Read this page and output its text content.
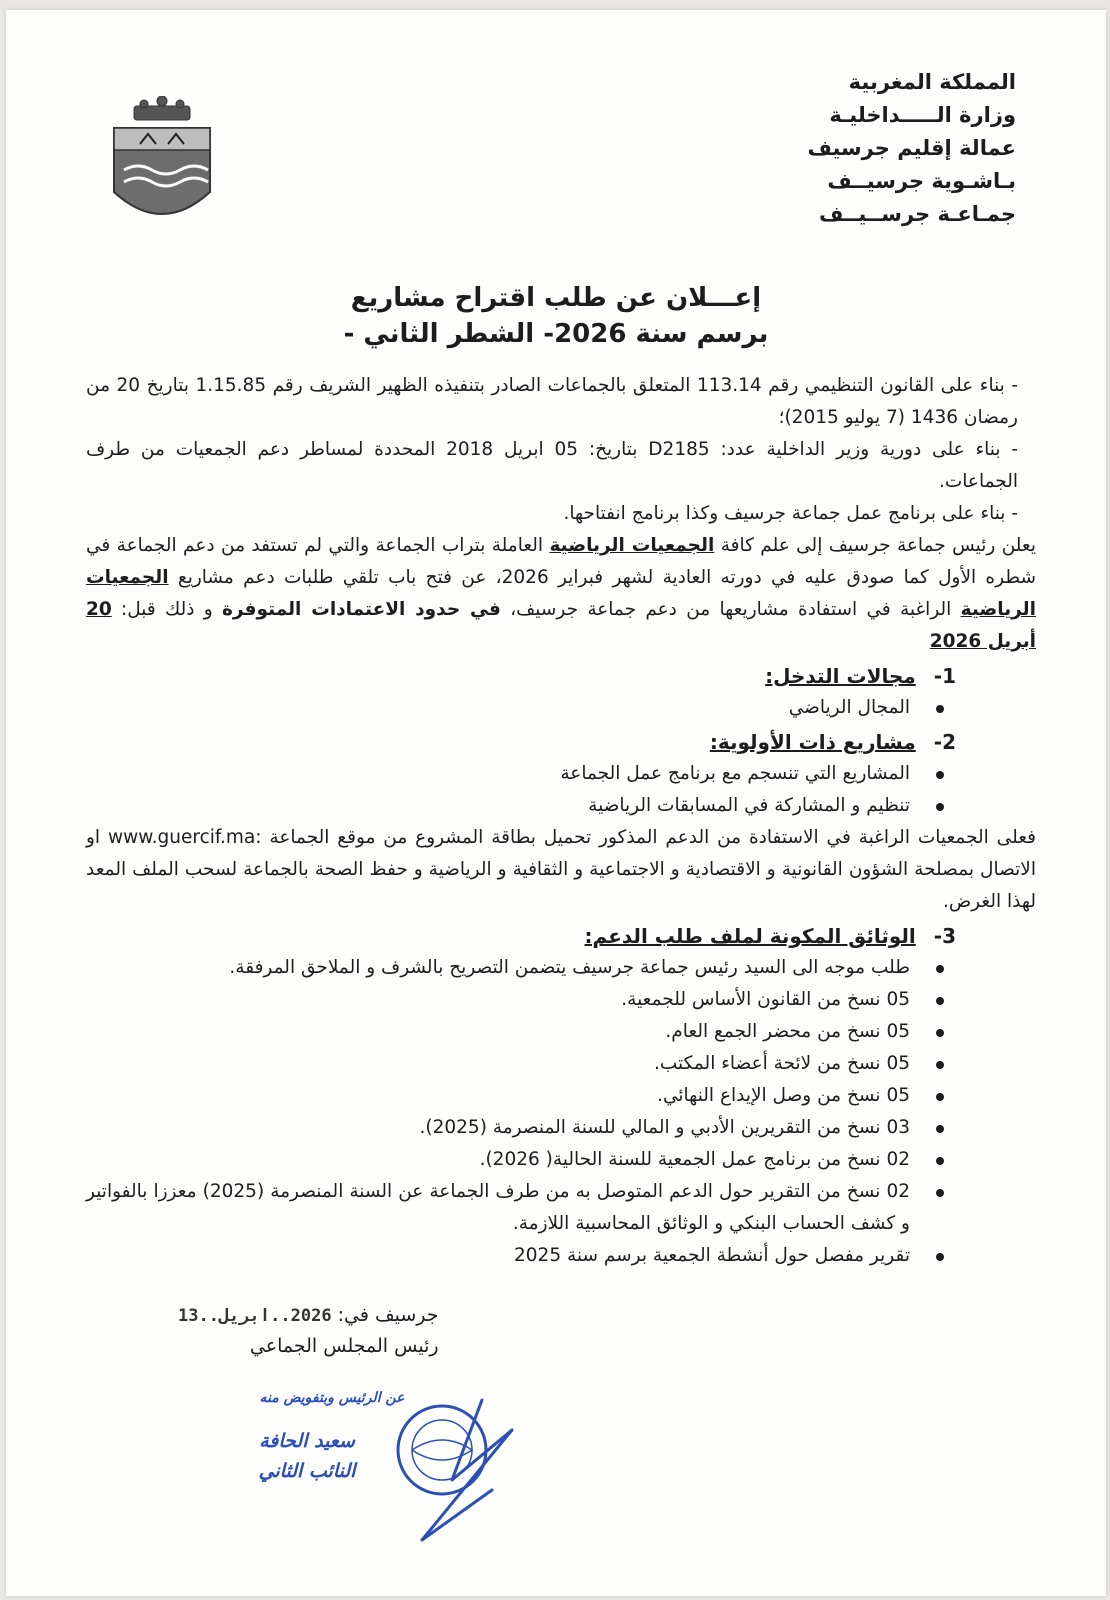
المملكة المغربية
وزارة الـــــداخليـة
عمالة إقليم جرسيف
بـاشـوية جرسيــف
جمـاعـة جرســيــف
إعـــلان عن طلب اقتراح مشاريع
برسم سنة 2026- الشطر الثاني -

- بناء على القانون التنظيمي رقم 113.14 المتعلق بالجماعات الصادر بتنفيذه الظهير الشريف رقم 1.15.85 بتاريخ 20 من رمضان 1436 (7 يوليو 2015)؛

- بناء على دورية وزير الداخلية عدد: D2185 بتاريخ: 05 ابريل 2018 المحددة لمساطر دعم الجمعيات من طرف الجماعات.

- بناء على برنامج عمل جماعة جرسيف وكذا برنامج انفتاحها.

يعلن رئيس جماعة جرسيف إلى علم كافة الجمعيات الرياضية العاملة بتراب الجماعة والتي لم تستفد من دعم الجماعة في شطره الأول كما صودق عليه في دورته العادية لشهر فبراير 2026، عن فتح باب تلقي طلبات دعم مشاريع الجمعيات الرياضية الراغبة في استفادة مشاريعها من دعم جماعة جرسيف، في حدود الاعتمادات المتوفرة و ذلك قبل: 20 أبريل 2026

1-مجالات التدخل:
المجال الرياضي
2-مشاريع ذات الأولوية:
المشاريع التي تنسجم مع برنامج عمل الجماعة
تنظيم و المشاركة في المسابقات الرياضية

فعلى الجمعيات الراغبة في الاستفادة من الدعم المذكور تحميل بطاقة المشروع من موقع الجماعة www.guercif.ma: او الاتصال بمصلحة الشؤون القانونية و الاقتصادية و الاجتماعية و الثقافية و الرياضية و حفظ الصحة بالجماعة لسحب الملف المعد لهذا الغرض.

3-الوثائق المكونة لملف طلب الدعم:
طلب موجه الى السيد رئيس جماعة جرسيف يتضمن التصريح بالشرف و الملاحق المرفقة.
05 نسخ من القانون الأساس للجمعية.
05 نسخ من محضر الجمع العام.
05 نسخ من لائحة أعضاء المكتب.
05 نسخ من وصل الإيداع النهائي.
03 نسخ من التقريرين الأدبي و المالي للسنة المنصرمة (2025).
02 نسخ من برنامج عمل الجمعية للسنة الحالية( 2026).
02 نسخ من التقرير حول الدعم المتوصل به من طرف الجماعة عن السنة المنصرمة (2025) معززا بالفواتير و كشف الحساب البنكي و الوثائق المحاسبية اللازمة.
تقرير مفصل حول أنشطة الجمعية برسم سنة 2025
جرسيف في: 2026..ابريل..13
رئيس المجلس الجماعي
عن الرئيس وبتفويض منه
سعيد الحافة
النائب الثاني
